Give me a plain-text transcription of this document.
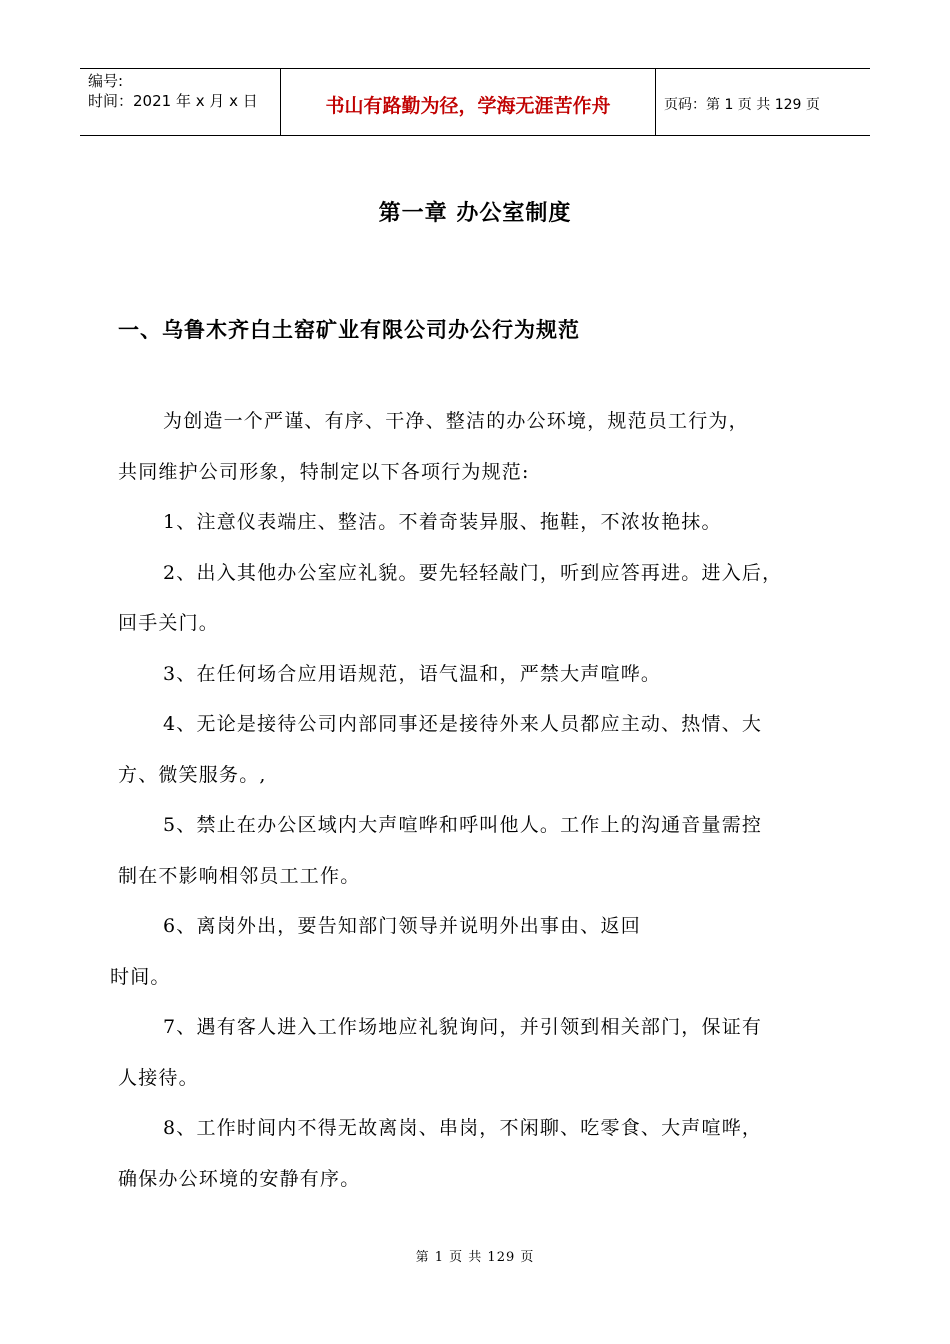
编号:
时间：2021 年 x 月 x 日	书山有路勤为径，学海无涯苦作舟	页码：第 1 页 共 129 页
第一章 办公室制度
一、乌鲁木齐白土窑矿业有限公司办公行为规范
为创造一个严谨、有序、干净、整洁的办公环境，规范员工行为，
共同维护公司形象，特制定以下各项行为规范:
1、注意仪表端庄、整洁。不着奇装异服、拖鞋，不浓妆艳抹。
2、出入其他办公室应礼貌。要先轻轻敲门，听到应答再进。进入后，
回手关门。
3、在任何场合应用语规范，语气温和，严禁大声喧哗。
4、无论是接待公司内部同事还是接待外来人员都应主动、热情、大
方、微笑服务。,
5、禁止在办公区域内大声喧哗和呼叫他人。工作上的沟通音量需控
制在不影响相邻员工工作。
6、离岗外出，要告知部门领导并说明外出事由、返回
时间。
7、遇有客人进入工作场地应礼貌询问，并引领到相关部门，保证有
人接待。
8、工作时间内不得无故离岗、串岗，不闲聊、吃零食、大声喧哗，
确保办公环境的安静有序。
第 1 页 共 129 页
